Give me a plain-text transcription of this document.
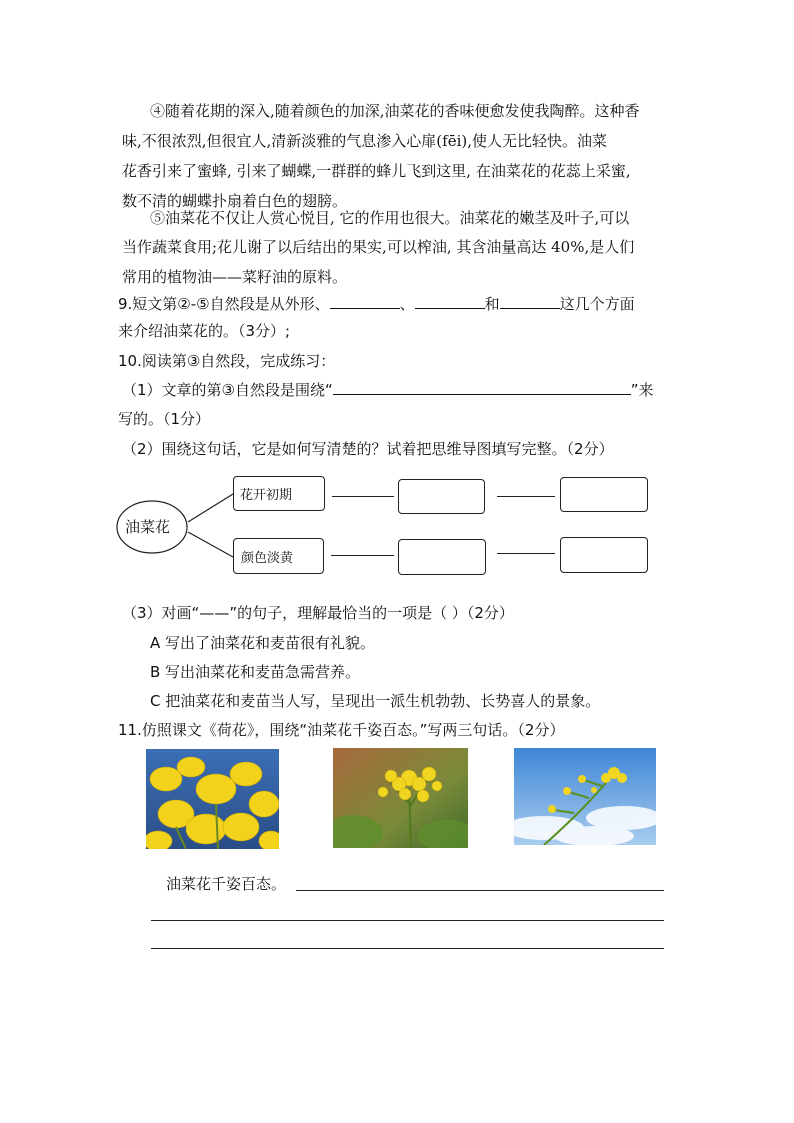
④随着花期的深入,随着颜色的加深,油菜花的香味便愈发使我陶醉。这种香
味,不很浓烈,但很宜人,清新淡雅的气息渗入心扉(fēi),使人无比轻快。油菜
花香引来了蜜蜂, 引来了蝴蝶,一群群的蜂儿飞到这里, 在油菜花的花蕊上采蜜,
数不清的蝴蝶扑扇着白色的翅膀。
⑤油菜花不仅让人赏心悦目, 它的作用也很大。油菜花的嫩茎及叶子,可以
当作蔬菜食用;花儿谢了以后结出的果实,可以榨油, 其含油量高达 40%,是人们
常用的植物油——菜籽油的原料。
9.短文第②-⑤自然段是从外形、	、	和	这几个方面
来介绍油菜花的。（3分）;
10.阅读第③自然段，完成练习：
（1）文章的第③自然段是围绕“	”来
写的。（1分）
（2）围绕这句话，它是如何写清楚的？试着把思维导图填写完整。（2分）
油菜花
花开初期
颜色淡黄
（3）对画“——”的句子，理解最恰当的一项是（ ）（2分）
A 写出了油菜花和麦苗很有礼貌。
B 写出油菜花和麦苗急需营养。
C 把油菜花和麦苗当人写，呈现出一派生机勃勃、长势喜人的景象。
11.仿照课文《荷花》，围绕“油菜花千姿百态。”写两三句话。（2分）
油菜花千姿百态。
